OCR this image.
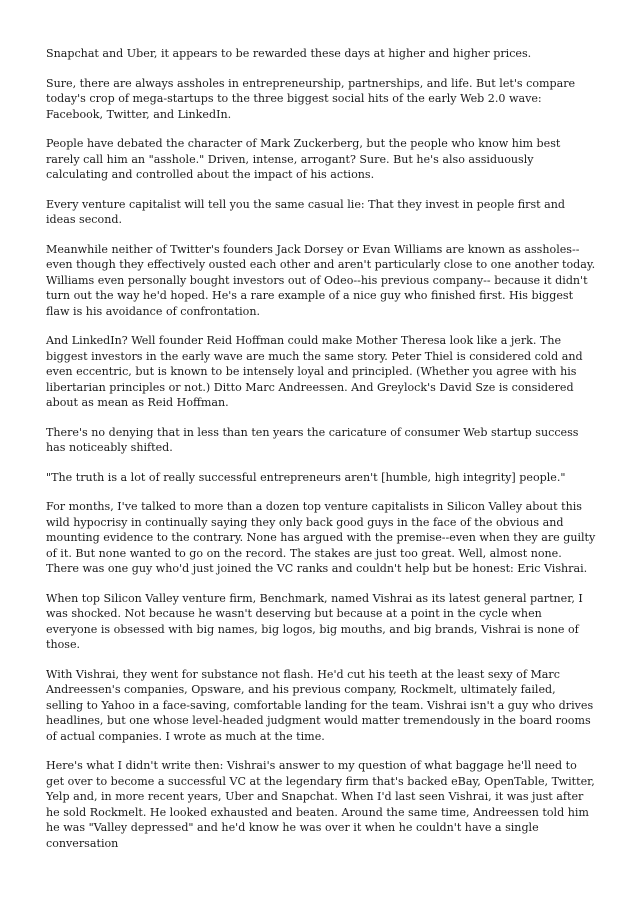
Snapchat and Uber, it appears to be rewarded these days at higher and higher prices.

Sure, there are always assholes in entrepreneurship, partnerships, and life. But let's compare today's crop of mega-startups to the three biggest social hits of the early Web 2.0 wave: Facebook, Twitter, and LinkedIn.

People have debated the character of Mark Zuckerberg, but the people who know him best rarely call him an "asshole." Driven, intense, arrogant? Sure. But he's also assiduously calculating and controlled about the impact of his actions.

Every venture capitalist will tell you the same casual lie: That they invest in people first and ideas second.

Meanwhile neither of Twitter's founders Jack Dorsey or Evan Williams are known as assholes--even though they effectively ousted each other and aren't particularly close to one another today. Williams even personally bought investors out of Odeo--his previous company-- because it didn't turn out the way he'd hoped. He's a rare example of a nice guy who finished first. His biggest flaw is his avoidance of confrontation.

And LinkedIn? Well founder Reid Hoffman could make Mother Theresa look like a jerk. The biggest investors in the early wave are much the same story. Peter Thiel is considered cold and even eccentric, but is known to be intensely loyal and principled. (Whether you agree with his libertarian principles or not.) Ditto Marc Andreessen. And Greylock's David Sze is considered about as mean as Reid Hoffman.

There's no denying that in less than ten years the caricature of consumer Web startup success has noticeably shifted.

"The truth is a lot of really successful entrepreneurs aren't [humble, high integrity] people."

For months, I've talked to more than a dozen top venture capitalists in Silicon Valley about this wild hypocrisy in continually saying they only back good guys in the face of the obvious and mounting evidence to the contrary. None has argued with the premise--even when they are guilty of it. But none wanted to go on the record. The stakes are just too great. Well, almost none. There was one guy who'd just joined the VC ranks and couldn't help but be honest: Eric Vishrai.

When top Silicon Valley venture firm, Benchmark, named Vishrai as its latest general partner, I was shocked. Not because he wasn't deserving but because at a point in the cycle when everyone is obsessed with big names, big logos, big mouths, and big brands, Vishrai is none of those.

With Vishrai, they went for substance not flash. He'd cut his teeth at the least sexy of Marc Andreessen's companies, Opsware, and his previous company, Rockmelt, ultimately failed, selling to Yahoo in a face-saving, comfortable landing for the team. Vishrai isn't a guy who drives headlines, but one whose level-headed judgment would matter tremendously in the board rooms of actual companies. I wrote as much at the time.

Here's what I didn't write then: Vishrai's answer to my question of what baggage he'll need to get over to become a successful VC at the legendary firm that's backed eBay, OpenTable, Twitter, Yelp and, in more recent years, Uber and Snapchat. When I'd last seen Vishrai, it was just after he sold Rockmelt. He looked exhausted and beaten. Around the same time, Andreessen told him he was "Valley depressed" and he'd know he was over it when he couldn't have a single conversation
